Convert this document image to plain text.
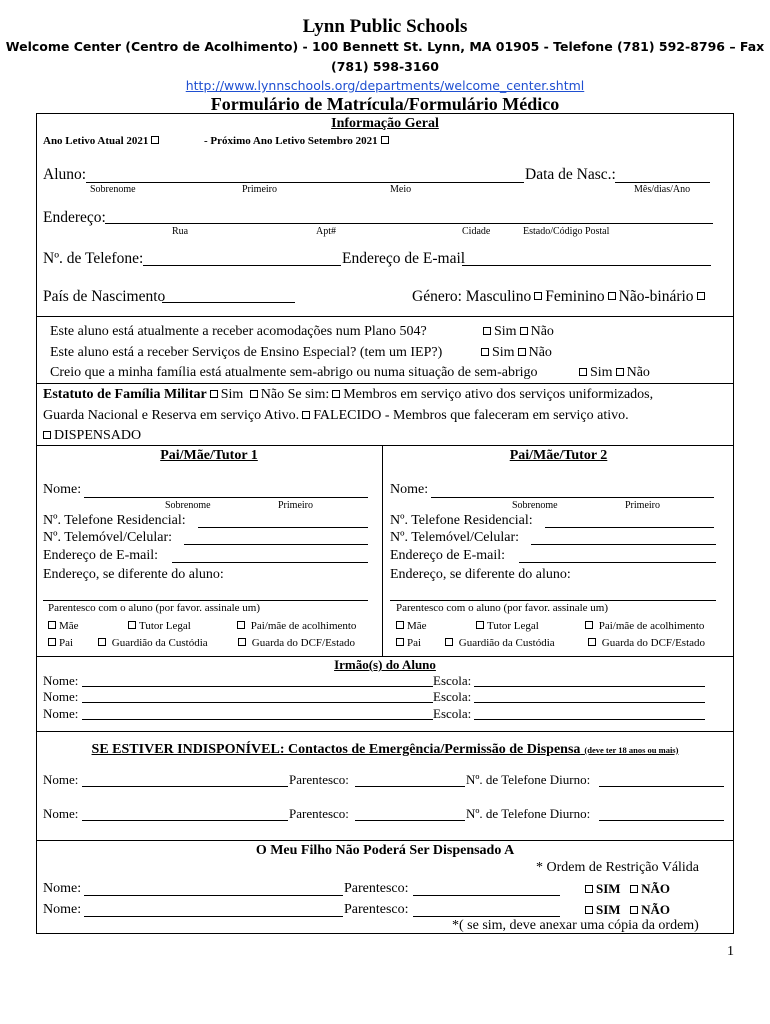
Lynn Public Schools
Welcome Center (Centro de Acolhimento) - 100 Bennett St. Lynn, MA 01905 - Telefone (781) 592-8796 – Fax
(781) 598-3160
http://www.lynnschools.org/departments/welcome_center.shtml
Formulário de Matrícula/Formulário Médico
Informação Geral
Ano Letivo Atual 2021	- Próximo Ano Letivo Setembro 2021
Aluno:	Data de Nasc.:
Sobrenome	Primeiro	Meio	Mês/dias/Ano
Endereço:
Rua	Apt#	Cidade	Estado/Código Postal
Nº. de Telefone:	Endereço de E-mail
País de Nascimento	Género: Masculino Feminino Não-binário
Este aluno está atualmente a receber acomodações num Plano 504?	Sim Não
Este aluno está a receber Serviços de Ensino Especial? (tem um IEP?)	Sim Não
Creio que a minha família está atualmente sem-abrigo ou numa situação de sem-abrigo	Sim Não
Estatuto de Família Militar Sim Não Se sim: Membros em serviço ativo dos serviços uniformizados,
Guarda Nacional e Reserva em serviço Ativo. FALECIDO - Membros que faleceram em serviço ativo.
DISPENSADO
Pai/Mãe/Tutor 1
Nome:
Sobrenome	Primeiro
Nº. Telefone Residencial:
Nº. Telemóvel/Celular:
Endereço de E-mail:
Endereço, se diferente do aluno:
Parentesco com o aluno (por favor. assinale um)
Mãe	Tutor Legal	Pai/mãe de acolhimento
Pai	Guardião da Custódia	Guarda do DCF/Estado
Pai/Mãe/Tutor 2
Nome:
Sobrenome	Primeiro
Nº. Telefone Residencial:
Nº. Telemóvel/Celular:
Endereço de E-mail:
Endereço, se diferente do aluno:
Parentesco com o aluno (por favor. assinale um)
Mãe	Tutor Legal	Pai/mãe de acolhimento
Pai	Guardião da Custódia	Guarda do DCF/Estado
Irmão(s) do Aluno
Nome:	Escola:
Nome:	Escola:
Nome:	Escola:
SE ESTIVER INDISPONÍVEL: Contactos de Emergência/Permissão de Dispensa (deve ter 18 anos ou mais)
Nome:	Parentesco:	Nº. de Telefone Diurno:
Nome:	Parentesco:	Nº. de Telefone Diurno:
O Meu Filho Não Poderá Ser Dispensado A
* Ordem de Restrição Válida
Nome:	Parentesco:	SIM NÃO
Nome:	Parentesco:	SIM NÃO
*( se sim, deve anexar uma cópia da ordem)
1
